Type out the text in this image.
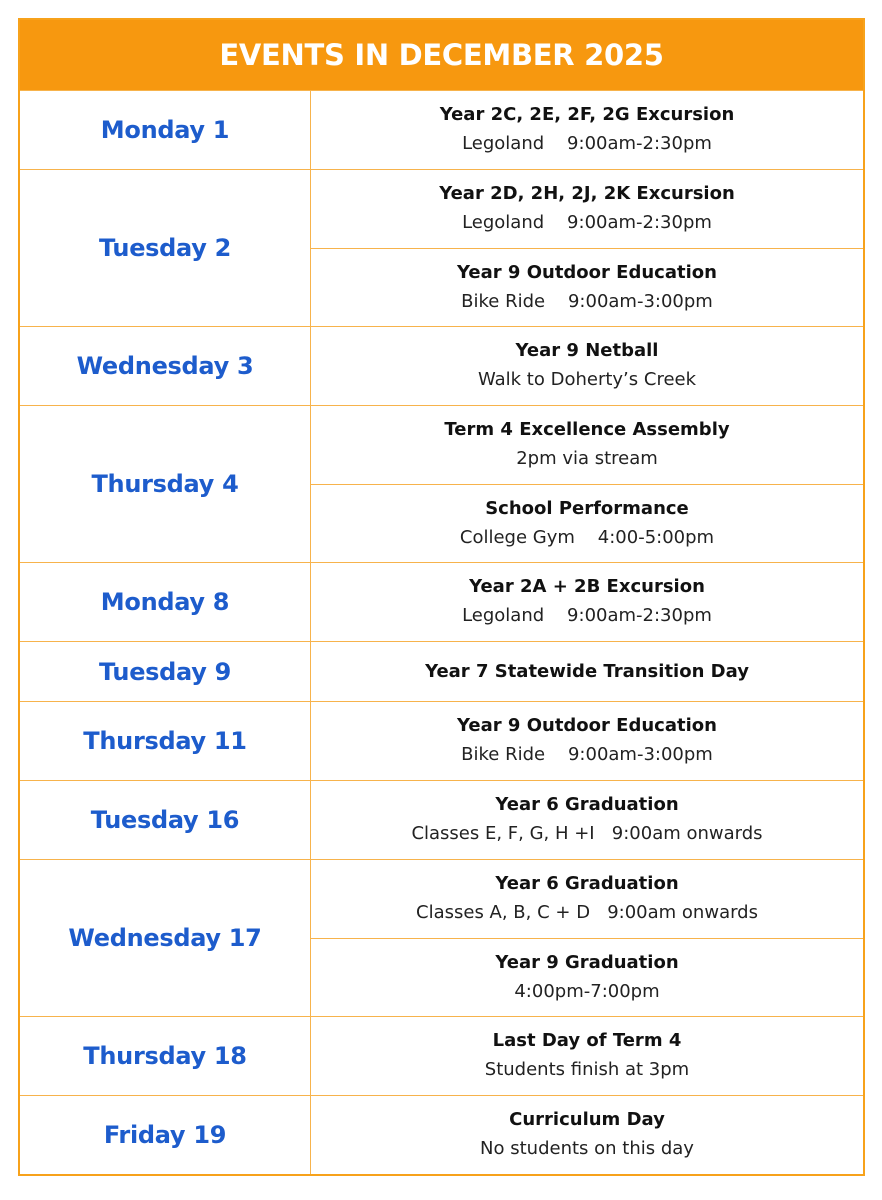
EVENTS IN DECEMBER 2025
Monday 1
Year 2C, 2E, 2F, 2G Excursion
Legoland    9:00am-2:30pm
Tuesday 2
Year 2D, 2H, 2J, 2K Excursion
Legoland    9:00am-2:30pm
Year 9 Outdoor Education
Bike Ride    9:00am-3:00pm
Wednesday 3
Year 9 Netball
Walk to Doherty’s Creek
Thursday 4
Term 4 Excellence Assembly
2pm via stream
School Performance
College Gym    4:00-5:00pm
Monday 8
Year 2A + 2B Excursion
Legoland    9:00am-2:30pm
Tuesday 9	Year 7 Statewide Transition Day
Thursday 11
Year 9 Outdoor Education
Bike Ride    9:00am-3:00pm
Tuesday 16
Year 6 Graduation
Classes E, F, G, H +I   9:00am onwards
Wednesday 17
Year 6 Graduation
Classes A, B, C + D   9:00am onwards
Year 9 Graduation
4:00pm-7:00pm
Thursday 18
Last Day of Term 4
Students finish at 3pm
Friday 19
Curriculum Day
No students on this day
